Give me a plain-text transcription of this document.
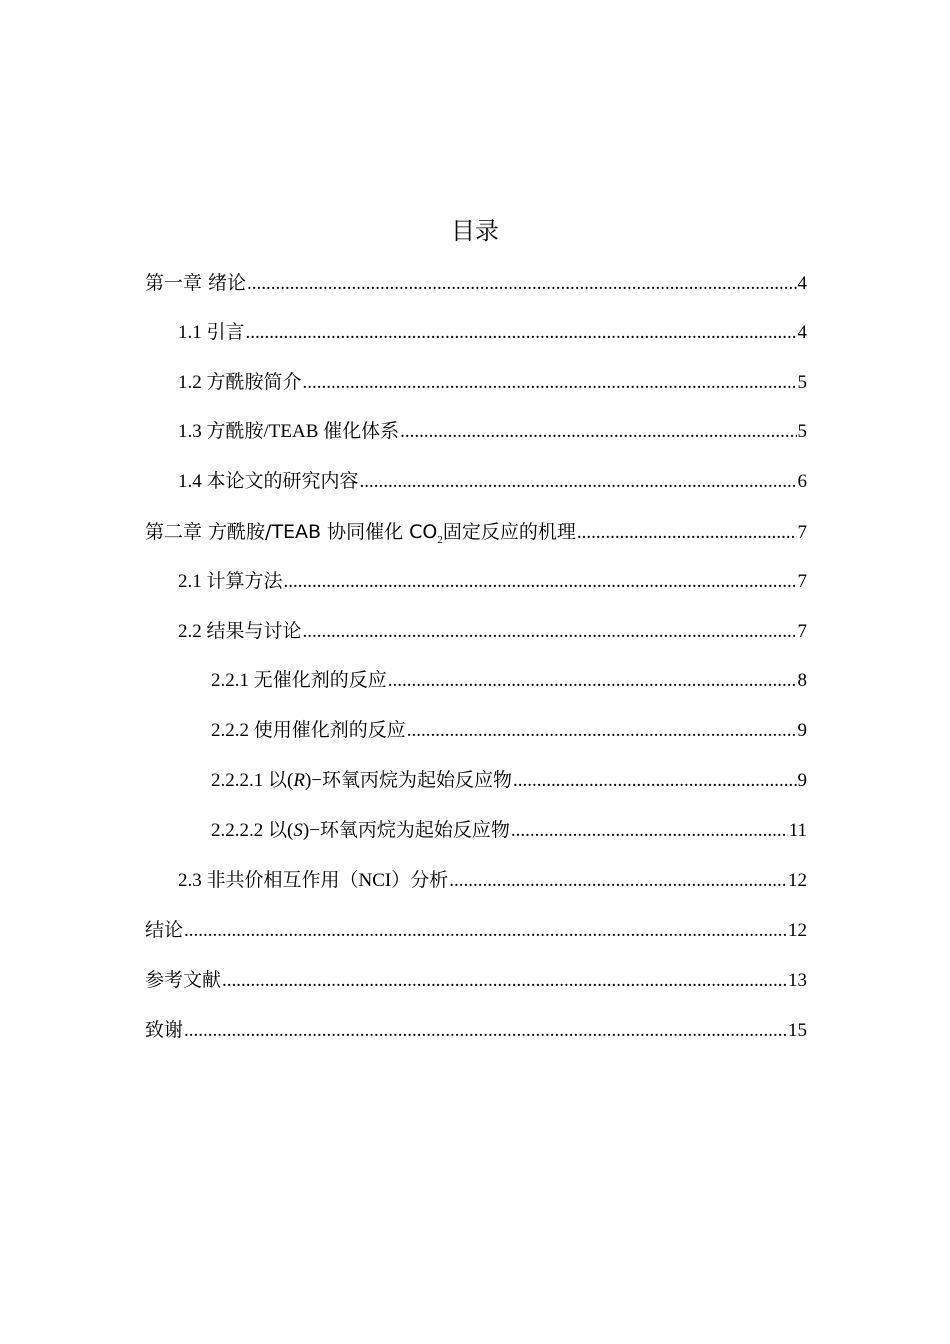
目录
第一章 绪论 .....	4
1.1 引言 .....	4
1.2 方酰胺简介 .....	5
1.3 方酰胺/TEAB 催化体系 .....	5
1.4 本论文的研究内容 .....	6
第二章 方酰胺/TEAB 协同催化 $CO_2$固定反应的机理 .....	7
2.1 计算方法 .....	7
2.2 结果与讨论 .....	7
2.2.1 无催化剂的反应 .....	8
2.2.2 使用催化剂的反应 .....	9
2.2.2.1 以(R)−环氧丙烷为起始反应物 .....	9
2.2.2.2 以(S)−环氧丙烷为起始反应物 .....	11
2.3 非共价相互作用（NCI）分析 .....	12
结论 .....	12
参考文献 .....	13
致谢 .....	15
